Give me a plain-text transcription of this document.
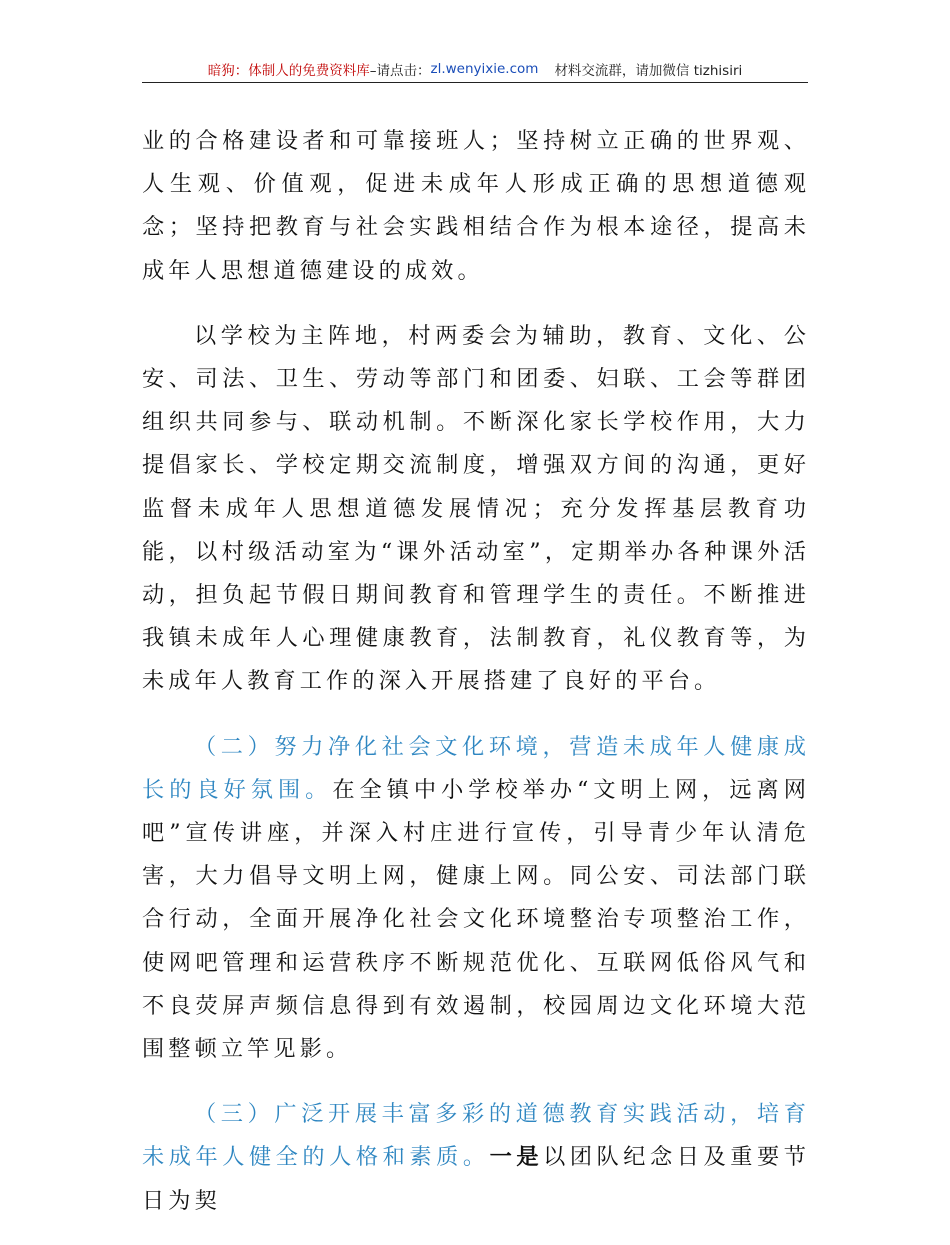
暗狗：体制人的免费资料库 –请点击： zl.wenyixie.com 材料交流群，请加微信 tizhisiri

业的合格建设者和可靠接班人；坚持树立正确的世界观、人生观、价值观，促进未成年人形成正确的思想道德观念；坚持把教育与社会实践相结合作为根本途径，提高未成年人思想道德建设的成效。

以学校为主阵地，村两委会为辅助，教育、文化、公安、司法、卫生、劳动等部门和团委、妇联、工会等群团组织共同参与、联动机制。不断深化家长学校作用，大力提倡家长、学校定期交流制度，增强双方间的沟通，更好监督未成年人思想道德发展情况；充分发挥基层教育功能，以村级活动室为“课外活动室”，定期举办各种课外活动，担负起节假日期间教育和管理学生的责任。不断推进我镇未成年人心理健康教育，法制教育，礼仪教育等，为未成年人教育工作的深入开展搭建了良好的平台。

（二）努力净化社会文化环境，营造未成年人健康成长的良好氛围。在全镇中小学校举办“文明上网，远离网吧”宣传讲座，并深入村庄进行宣传，引导青少年认清危害，大力倡导文明上网，健康上网。同公安、司法部门联合行动，全面开展净化社会文化环境整治专项整治工作，使网吧管理和运营秩序不断规范优化、互联网低俗风气和不良荧屏声频信息得到有效遏制，校园周边文化环境大范围整顿立竿见影。

（三）广泛开展丰富多彩的道德教育实践活动，培育未成年人健全的人格和素质。一是以团队纪念日及重要节日为契
